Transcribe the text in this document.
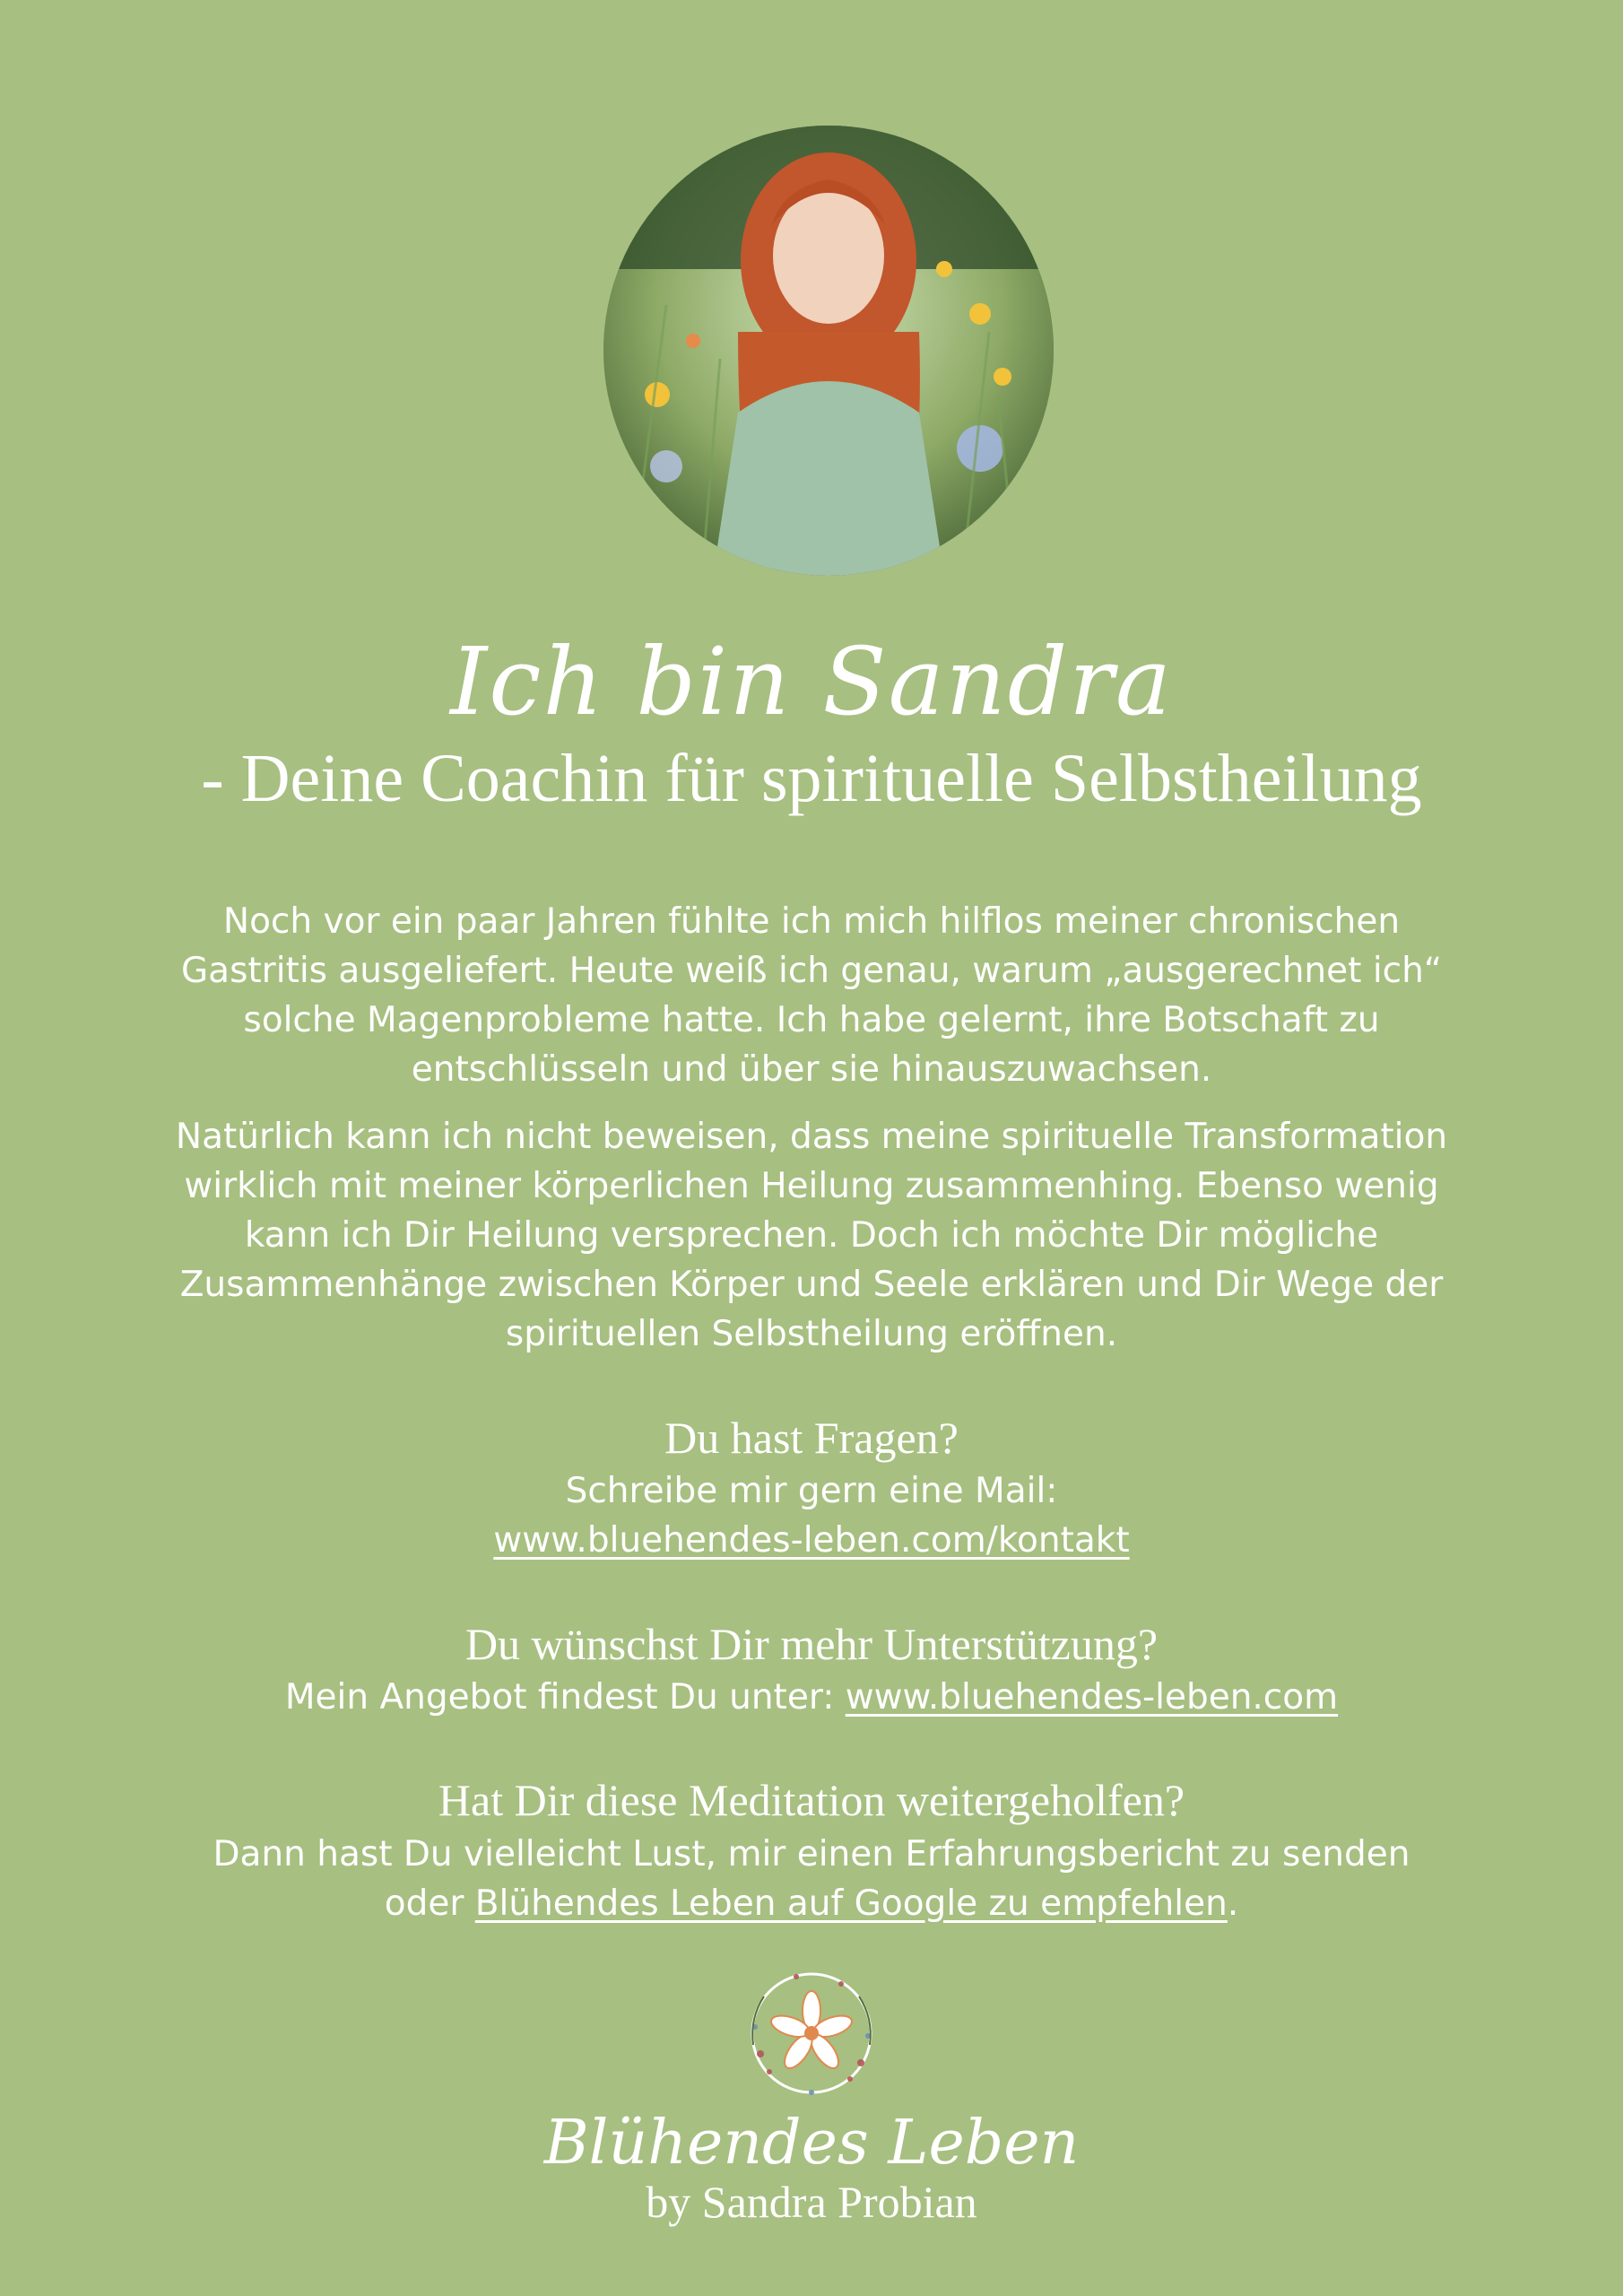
Ich bin Sandra
- Deine Coachin für spirituelle Selbstheilung
Noch vor ein paar Jahren fühlte ich mich hilflos meiner chronischen
Gastritis ausgeliefert. Heute weiß ich genau, warum „ausgerechnet ich“
solche Magenprobleme hatte. Ich habe gelernt, ihre Botschaft zu
entschlüsseln und über sie hinauszuwachsen.
Natürlich kann ich nicht beweisen, dass meine spirituelle Transformation
wirklich mit meiner körperlichen Heilung zusammenhing. Ebenso wenig
kann ich Dir Heilung versprechen. Doch ich möchte Dir mögliche
Zusammenhänge zwischen Körper und Seele erklären und Dir Wege der
spirituellen Selbstheilung eröffnen.
Du hast Fragen?
Schreibe mir gern eine Mail:
www.bluehendes-leben.com/kontakt
Du wünschst Dir mehr Unterstützung?
Mein Angebot findest Du unter: www.bluehendes-leben.com
Hat Dir diese Meditation weitergeholfen?
Dann hast Du vielleicht Lust, mir einen Erfahrungsbericht zu senden
oder Blühendes Leben auf Google zu empfehlen.
Blühendes Leben
by Sandra Probian
